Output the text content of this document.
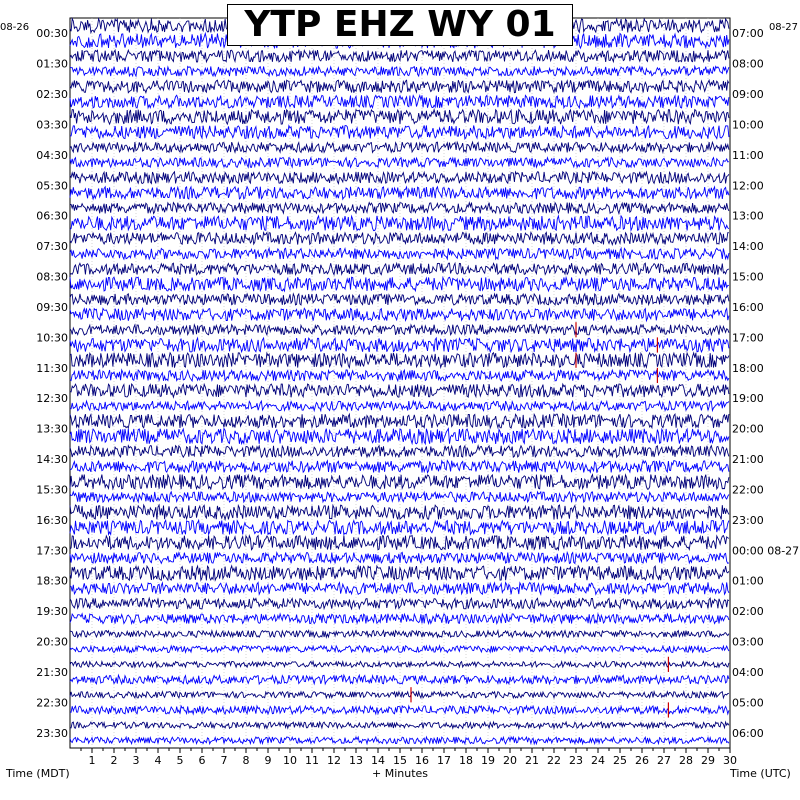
1 2 3 4 5 6 7 8 9 10 11 12 13 14 15 16 17 18 19 20 21 22 23 24 25 26 27 28 29 30
00:30
01:30
02:30
03:30
04:30
05:30
06:30
07:30
08:30
09:30
10:30
11:30
12:30
13:30
14:30
15:30
16:30
17:30
18:30
19:30
20:30
21:30
22:30
23:30
07:00
08:00
09:00
10:00
11:00
12:00
13:00
14:00
15:00
16:00
17:00
18:00
19:00
20:00
21:00
22:00
23:00
00:00 08-27
01:00
02:00
03:00
04:00
05:00
06:00
08-26	08-27
Time (MDT)	+ Minutes	Time (UTC)
YTP EHZ WY 01
